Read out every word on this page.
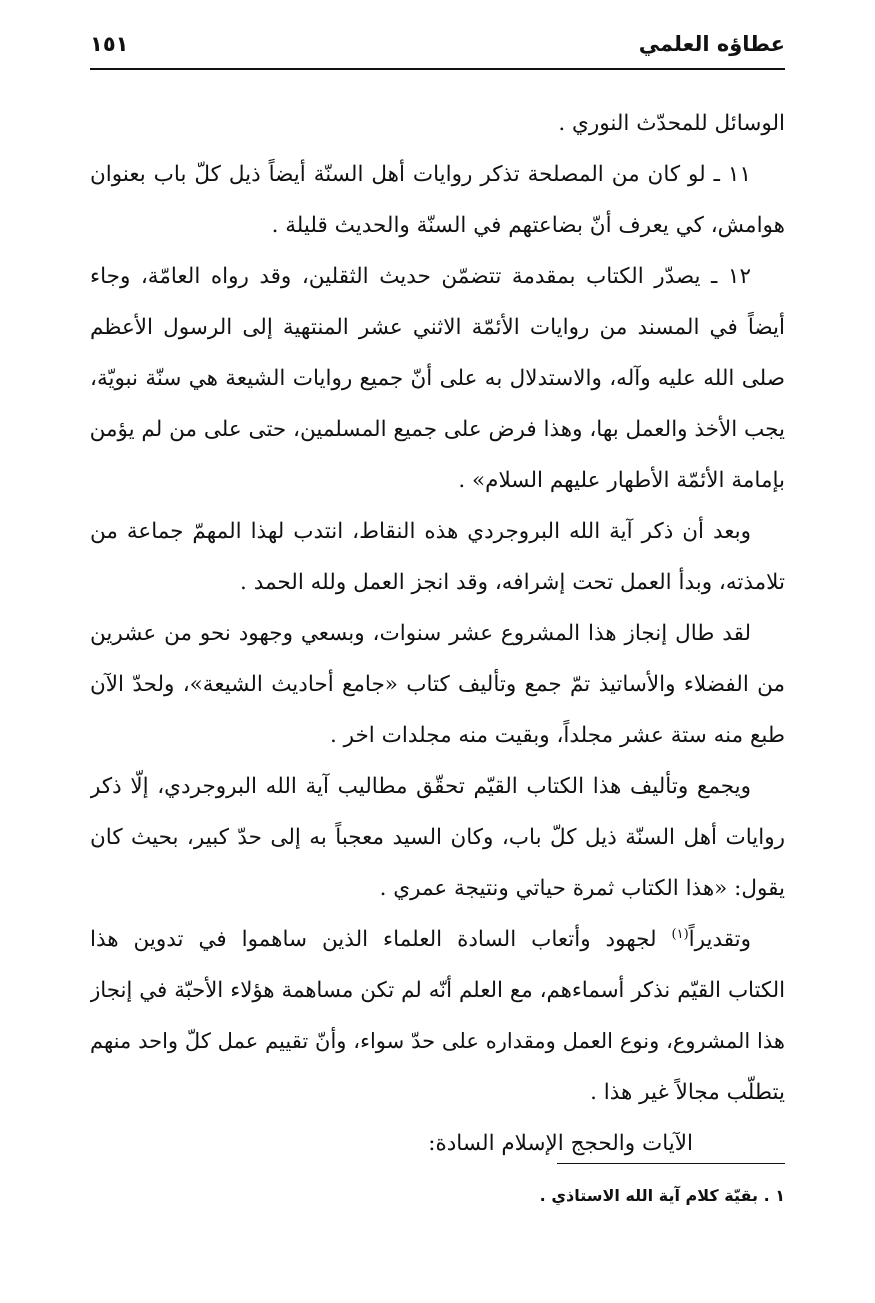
عطاؤه العلمي
١٥١
الوسائل للمحدّث النوري .
١١ ـ لو كان من المصلحة تذكر روايات أهل السنّة أيضاً ذيل كلّ باب بعنوان
هوامش، كي يعرف أنّ بضاعتهم في السنّة والحديث قليلة .
١٢ ـ يصدّر الكتاب بمقدمة تتضمّن حديث الثقلين، وقد رواه العامّة، وجاء
أيضاً في المسند من روايات الأئمّة الاثني عشر المنتهية إلى الرسول الأعظم
صلى الله عليه وآله، والاستدلال به على أنّ جميع روايات الشيعة هي سنّة نبويّة،
يجب الأخذ والعمل بها، وهذا فرض على جميع المسلمين، حتى على من لم يؤمن
بإمامة الأئمّة الأطهار عليهم السلام» .
وبعد أن ذكر آية الله البروجردي هذه النقاط، انتدب لهذا المهمّ جماعة من
تلامذته، وبدأ العمل تحت إشرافه، وقد انجز العمل ولله الحمد .
لقد طال إنجاز هذا المشروع عشر سنوات، وبسعي وجهود نحو من عشرين
من الفضلاء والأساتيذ تمّ جمع وتأليف كتاب «جامع أحاديث الشيعة»، ولحدّ الآن
طبع منه ستة عشر مجلداً، وبقيت منه مجلدات اخر .
ويجمع وتأليف هذا الكتاب القيّم تحقّق مطاليب آية الله البروجردي، إلّا ذكر
روايات أهل السنّة ذيل كلّ باب، وكان السيد معجباً به إلى حدّ كبير، بحيث كان
يقول: «هذا الكتاب ثمرة حياتي ونتيجة عمري .
وتقديراً$^{(١)}$ لجهود وأتعاب السادة العلماء الذين ساهموا في تدوين هذا
الكتاب القيّم نذكر أسماءهم، مع العلم أنّه لم تكن مساهمة هؤلاء الأحبّة في إنجاز
هذا المشروع، ونوع العمل ومقداره على حدّ سواء، وأنّ تقييم عمل كلّ واحد منهم
يتطلّب مجالاً غير هذا .
الآيات والحجج الإسلام السادة:
١ . بقيّة كلام آية الله الاستاذي .
